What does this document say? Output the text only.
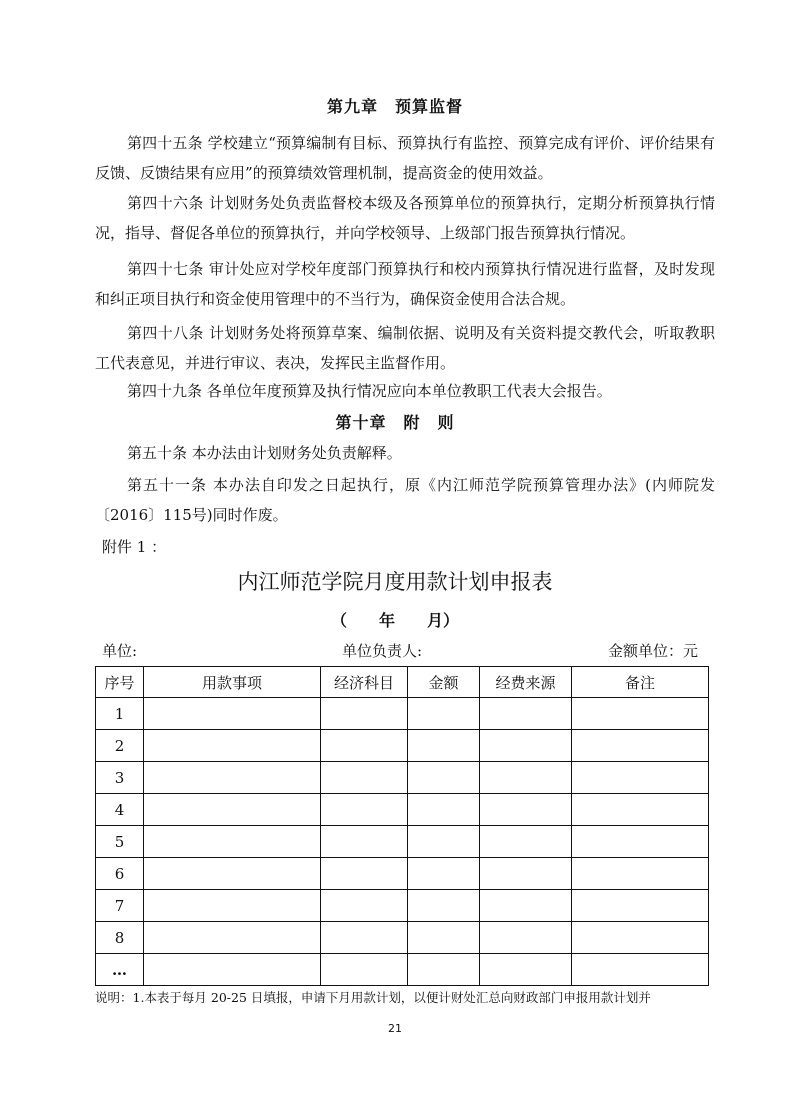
第九章　预算监督
第四十五条 学校建立“预算编制有目标、预算执行有监控、预算完成有评价、评价结果有反馈、反馈结果有应用”的预算绩效管理机制，提高资金的使用效益。
第四十六条 计划财务处负责监督校本级及各预算单位的预算执行，定期分析预算执行情况，指导、督促各单位的预算执行，并向学校领导、上级部门报告预算执行情况。
第四十七条 审计处应对学校年度部门预算执行和校内预算执行情况进行监督，及时发现和纠正项目执行和资金使用管理中的不当行为，确保资金使用合法合规。
第四十八条 计划财务处将预算草案、编制依据、说明及有关资料提交教代会，听取教职工代表意见，并进行审议、表决，发挥民主监督作用。
第四十九条 各单位年度预算及执行情况应向本单位教职工代表大会报告。
第十章　附　则
第五十条 本办法由计划财务处负责解释。
第五十一条 本办法自印发之日起执行，原《内江师范学院预算管理办法》(内师院发〔2016〕115号)同时作废。
附件 1 ：
内江师范学院月度用款计划申报表
（　　年　　月）
单位:	单位负责人:	金额单位：元
序号	用款事项	经济科目	金额	经费来源	备注
1					
2					
3					
4					
5					
6					
7					
8					
…					
说明：1.本表于每月 20-25 日填报，申请下月用款计划，以便计财处汇总向财政部门申报用款计划并
21
